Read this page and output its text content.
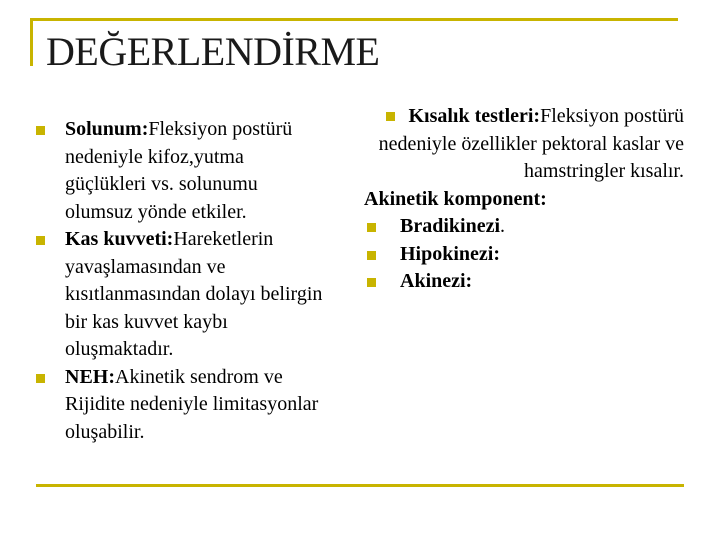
DEĞERLENDİRME

Solunum:Fleksiyon postürü nedeniyle kifoz,yutma güçlükleri vs. solunumu olumsuz yönde etkiler.

Kas kuvveti:Hareketlerin yavaşlamasından ve kısıtlanmasından dolayı belirgin bir kas kuvvet kaybı oluşmaktadır.

NEH:Akinetik sendrom ve Rijidite nedeniyle limitasyonlar oluşabilir.

Kısalık testleri:Fleksiyon postürü nedeniyle özellikler pektoral kaslar ve hamstringler kısalır.

Akinetik komponent:

Bradikinezi.

Hipokinezi:

Akinezi:
